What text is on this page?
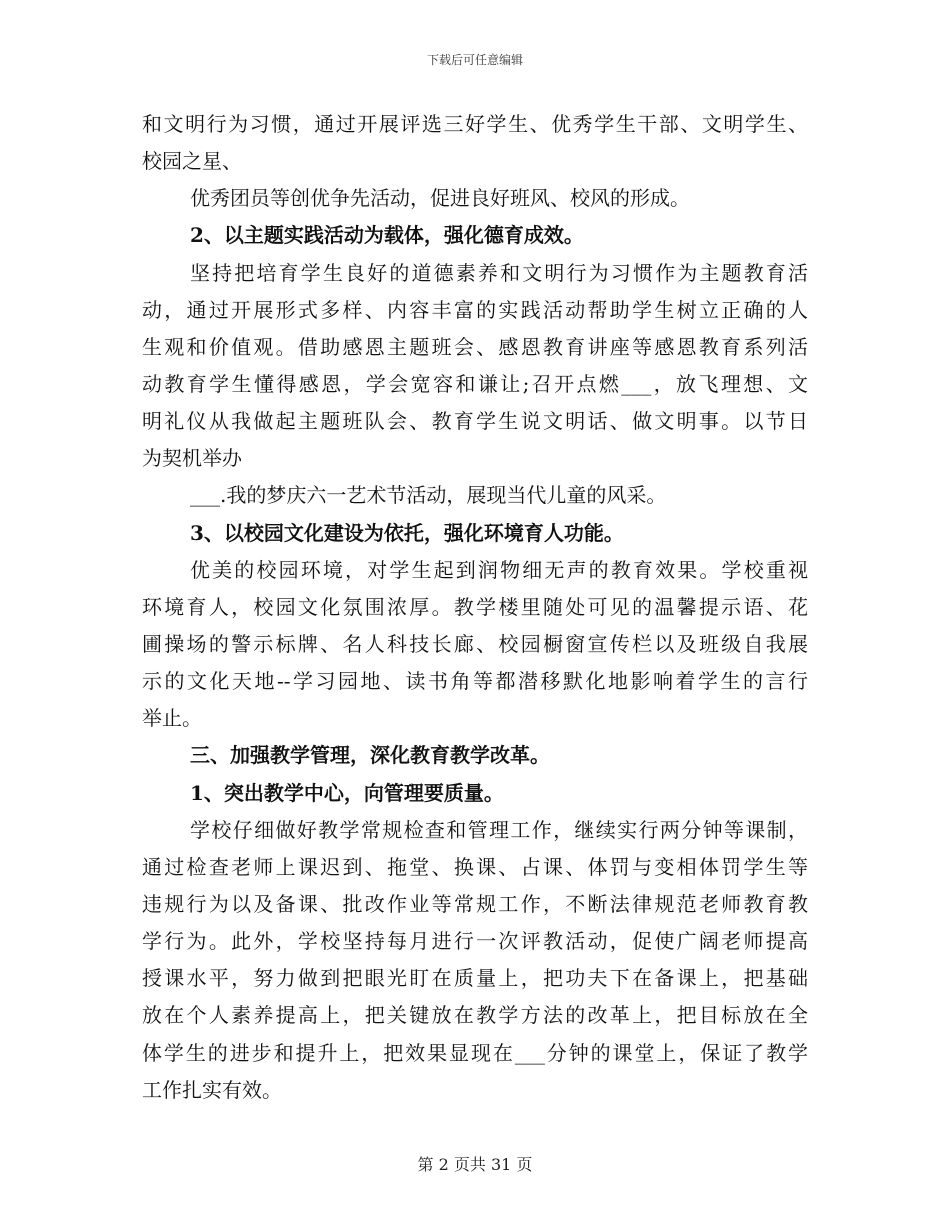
下载后可任意编辑
和文明行为习惯，通过开展评选三好学生、优秀学生干部、文明学生、
校园之星、
优秀团员等创优争先活动，促进良好班风、校风的形成。
2、以主题实践活动为载体，强化德育成效。
坚持把培育学生良好的道德素养和文明行为习惯作为主题教育活
动，通过开展形式多样、内容丰富的实践活动帮助学生树立正确的人
生观和价值观。借助感恩主题班会、感恩教育讲座等感恩教育系列活
动教育学生懂得感恩，学会宽容和谦让;召开点燃___，放飞理想、文
明礼仪从我做起主题班队会、教育学生说文明话、做文明事。以节日
为契机举办
___.我的梦庆六一艺术节活动，展现当代儿童的风采。
3、以校园文化建设为依托，强化环境育人功能。
优美的校园环境，对学生起到润物细无声的教育效果。学校重视
环境育人，校园文化氛围浓厚。教学楼里随处可见的温馨提示语、花
圃操场的警示标牌、名人科技长廊、校园橱窗宣传栏以及班级自我展
示的文化天地--学习园地、读书角等都潜移默化地影响着学生的言行
举止。
三、加强教学管理，深化教育教学改革。
1、突出教学中心，向管理要质量。
学校仔细做好教学常规检查和管理工作，继续实行两分钟等课制，
通过检查老师上课迟到、拖堂、换课、占课、体罚与变相体罚学生等
违规行为以及备课、批改作业等常规工作，不断法律规范老师教育教
学行为。此外，学校坚持每月进行一次评教活动，促使广阔老师提高
授课水平，努力做到把眼光盯在质量上，把功夫下在备课上，把基础
放在个人素养提高上，把关键放在教学方法的改革上，把目标放在全
体学生的进步和提升上，把效果显现在___分钟的课堂上，保证了教学
工作扎实有效。
第 2 页共 31 页
